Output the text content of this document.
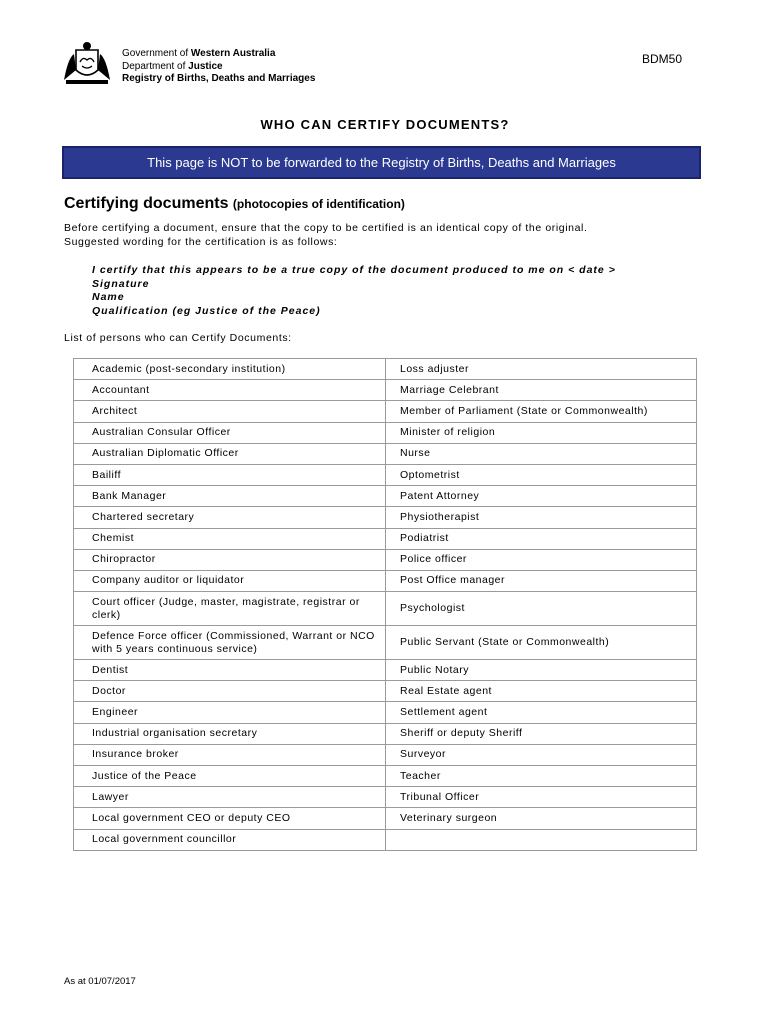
Government of Western Australia
Department of Justice
Registry of Births, Deaths and Marriages
BDM50
WHO CAN CERTIFY DOCUMENTS?
This page is NOT to be forwarded to the Registry of Births, Deaths and Marriages
Certifying documents (photocopies of identification)
Before certifying a document, ensure that the copy to be certified is an identical copy of the original.
Suggested wording for the certification is as follows:
I certify that this appears to be a true copy of the document produced to me on < date >
Signature
Name
Qualification (eg Justice of the Peace)
List of persons who can Certify Documents:
Academic (post-secondary institution)	Loss adjuster
Accountant	Marriage Celebrant
Architect	Member of Parliament (State or Commonwealth)
Australian Consular Officer	Minister of religion
Australian Diplomatic Officer	Nurse
Bailiff	Optometrist
Bank Manager	Patent Attorney
Chartered secretary	Physiotherapist
Chemist	Podiatrist
Chiropractor	Police officer
Company auditor or liquidator	Post Office manager
Court officer (Judge, master, magistrate, registrar or clerk)	Psychologist
Defence Force officer (Commissioned, Warrant or NCO with 5 years continuous service)	Public Servant (State or Commonwealth)
Dentist	Public Notary
Doctor	Real Estate agent
Engineer	Settlement agent
Industrial organisation secretary	Sheriff or deputy Sheriff
Insurance broker	Surveyor
Justice of the Peace	Teacher
Lawyer	Tribunal Officer
Local government CEO or deputy CEO	Veterinary surgeon
Local government councillor	
As at 01/07/2017
